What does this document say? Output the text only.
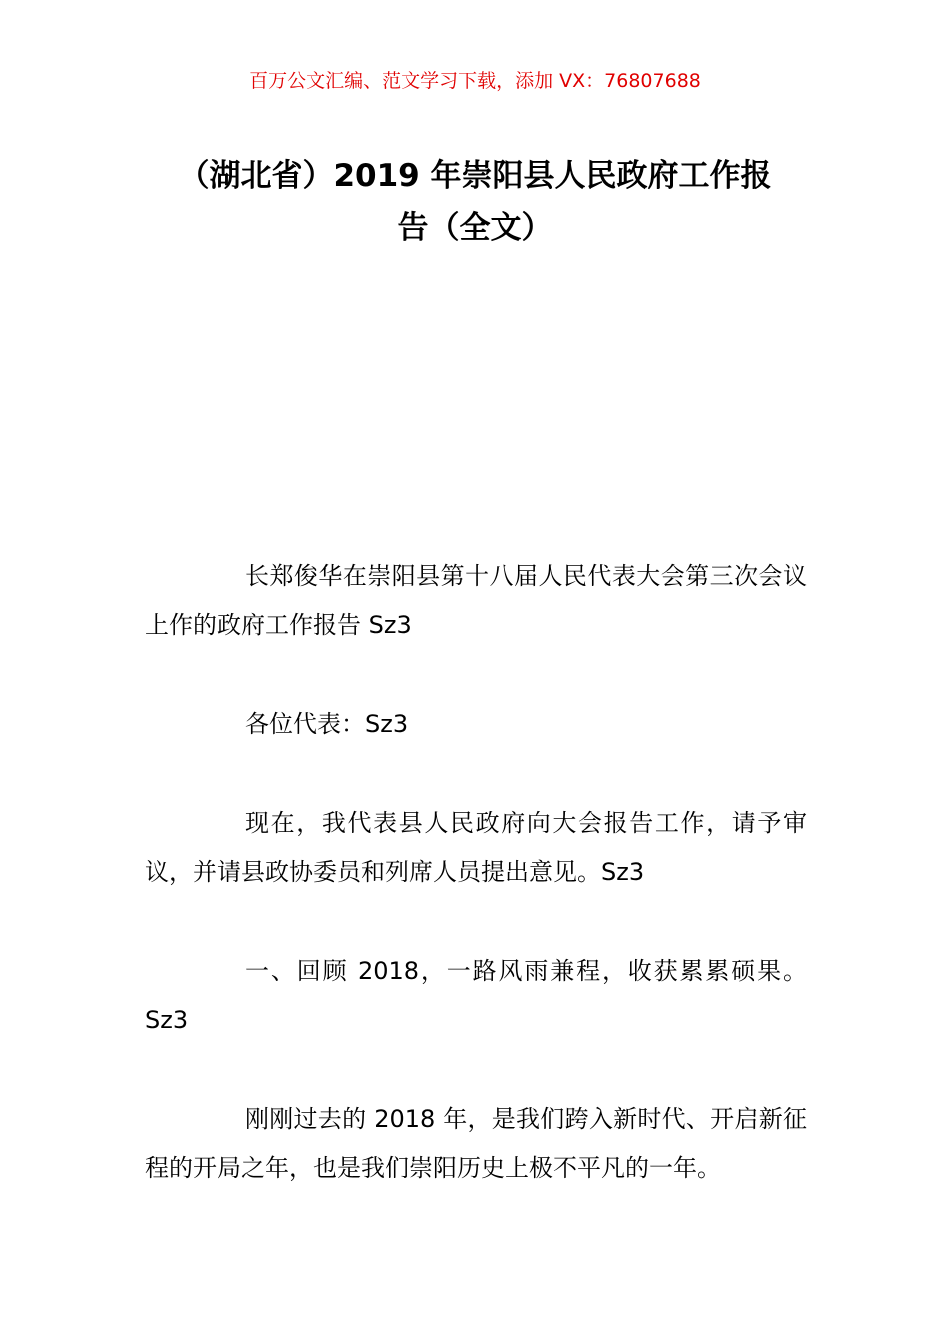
百万公文汇编、范文学习下载，添加 VX：76807688
（湖北省）2019 年崇阳县人民政府工作报
告（全文）

长郑俊华在崇阳县第十八届人民代表大会第三次会议上作的政府工作报告 Sz3

各位代表：Sz3

现在，我代表县人民政府向大会报告工作，请予审议，并请县政协委员和列席人员提出意见。Sz3

一、回顾 2018，一路风雨兼程，收获累累硕果。Sz3

刚刚过去的 2018 年，是我们跨入新时代、开启新征程的开局之年，也是我们崇阳历史上极不平凡的一年。
